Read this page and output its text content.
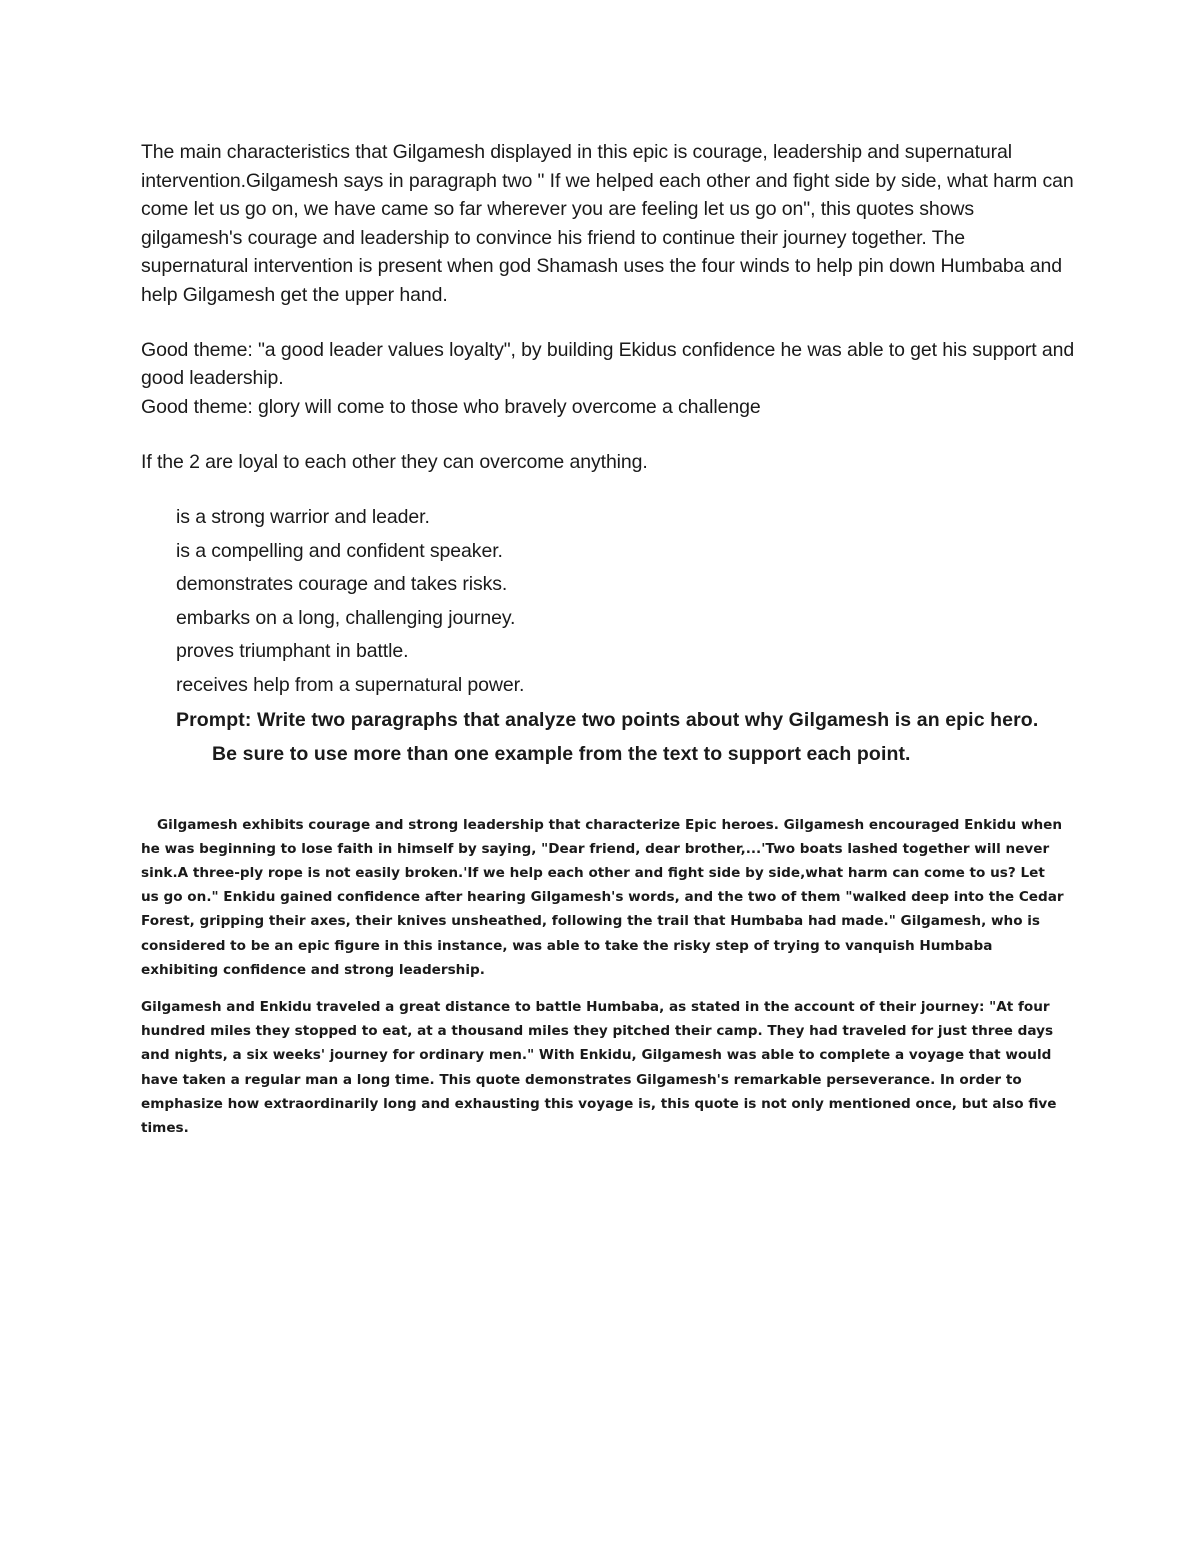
The main characteristics that Gilgamesh displayed in this epic is courage, leadership and supernatural intervention.Gilgamesh says in paragraph two " If we helped each other and fight side by side, what harm can come let us go on, we have came so far wherever you are feeling let us go on", this quotes shows gilgamesh's courage and leadership to convince his friend to continue their journey together. The supernatural intervention is present when god Shamash uses the four winds to help pin down Humbaba and help Gilgamesh get the upper hand.

Good theme: "a good leader values loyalty", by building Ekidus confidence he was able to get his support and good leadership.

Good theme: glory will come to those who bravely overcome a challenge

If the 2 are loyal to each other they can overcome anything.

is a strong warrior and leader.
is a compelling and confident speaker.
demonstrates courage and takes risks.
embarks on a long, challenging journey.
proves triumphant in battle.
receives help from a supernatural power.

Prompt: Write two paragraphs that analyze two points about why Gilgamesh is an epic hero. Be sure to use more than one example from the text to support each point.

Gilgamesh exhibits courage and strong leadership that characterize Epic heroes. Gilgamesh encouraged Enkidu when he was beginning to lose faith in himself by saying, "Dear friend, dear brother,...'Two boats lashed together will never sink.A three-ply rope is not easily broken.'If we help each other and fight side by side,what harm can come to us? Let us go on." Enkidu gained confidence after hearing Gilgamesh's words, and the two of them "walked deep into the Cedar Forest, gripping their axes, their knives unsheathed, following the trail that Humbaba had made." Gilgamesh, who is considered to be an epic figure in this instance, was able to take the risky step of trying to vanquish Humbaba exhibiting confidence and strong leadership.

Gilgamesh and Enkidu traveled a great distance to battle Humbaba, as stated in the account of their journey: "At four hundred miles they stopped to eat, at a thousand miles they pitched their camp. They had traveled for just three days and nights, a six weeks' journey for ordinary men." With Enkidu, Gilgamesh was able to complete a voyage that would have taken a regular man a long time. This quote demonstrates Gilgamesh's remarkable perseverance. In order to emphasize how extraordinarily long and exhausting this voyage is, this quote is not only mentioned once, but also five times.
